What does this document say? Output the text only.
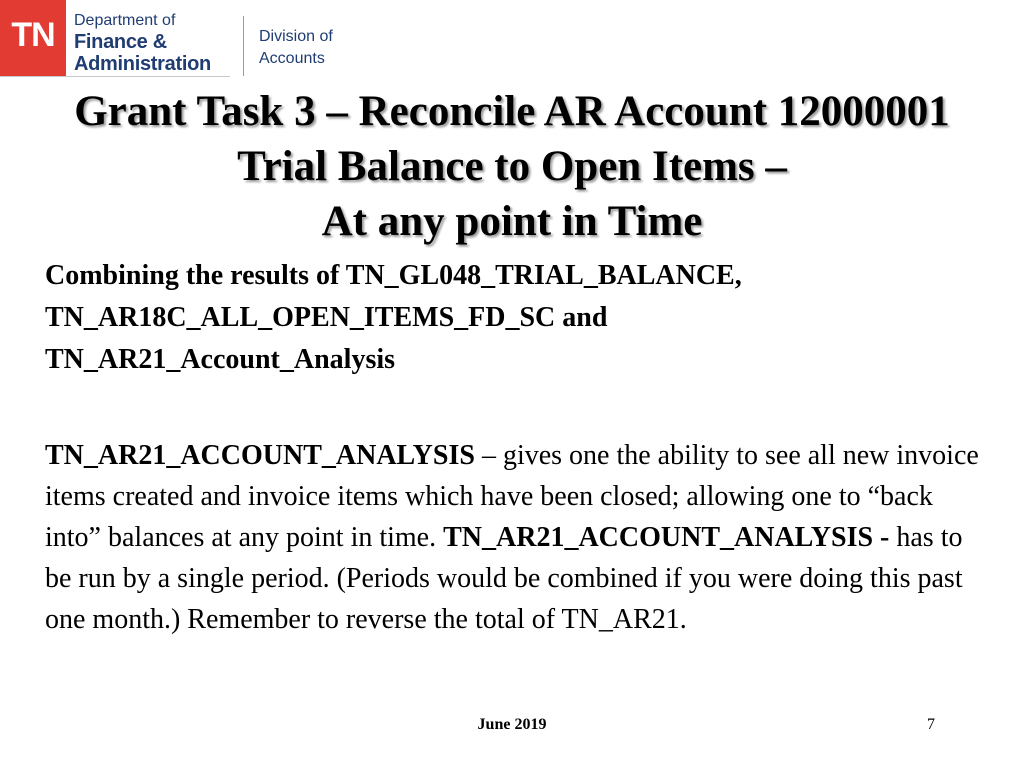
TN Department of
Finance &
Administration
Division of
Accounts
Grant Task 3 – Reconcile AR Account 12000001
Trial Balance to Open Items –
At any point in Time
Combining the results of TN_GL048_TRIAL_BALANCE,
TN_AR18C_ALL_OPEN_ITEMS_FD_SC and
TN_AR21_Account_Analysis
TN_AR21_ACCOUNT_ANALYSIS – gives one the ability to see all new invoice items created and invoice items which have been closed; allowing one to “back into” balances at any point in time. TN_AR21_ACCOUNT_ANALYSIS - has to be run by a single period. (Periods would be combined if you were doing this past one month.) Remember to reverse the total of TN_AR21.
June 2019	7
